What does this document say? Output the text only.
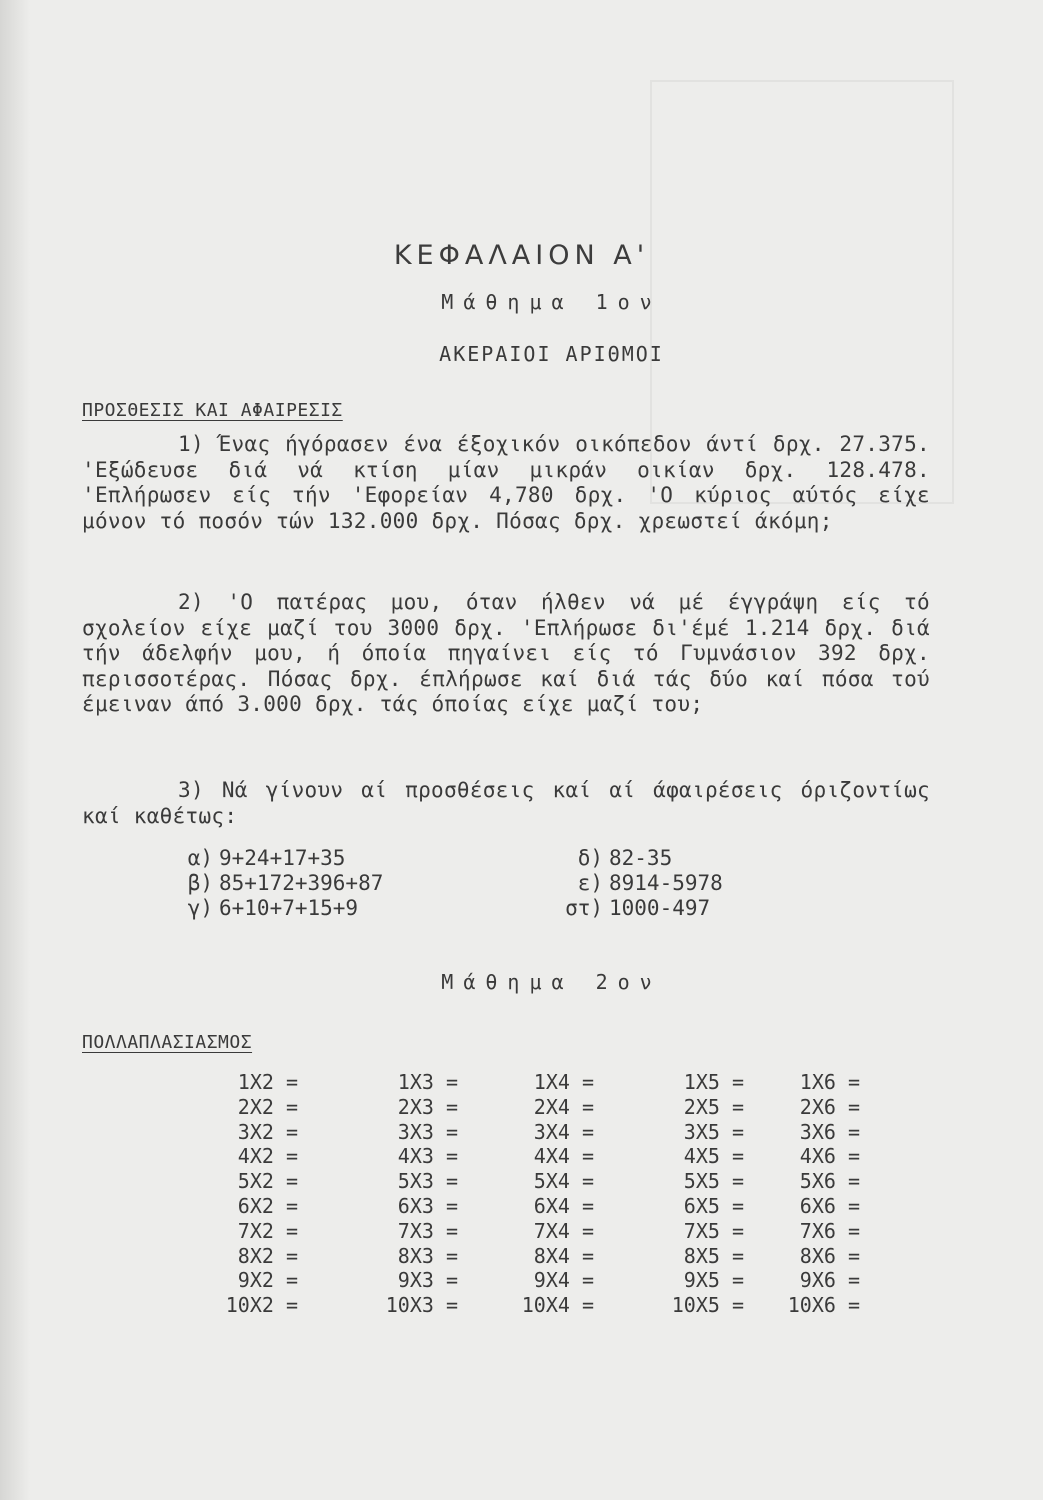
ΚΕΦΑΛΑΙΟΝ Α'
Μάθημα 1ον
ΑΚΕΡΑΙΟΙ ΑΡΙΘΜΟΙ
ΠΡΟΣΘΕΣΙΣ ΚΑΙ ΑΦΑΙΡΕΣΙΣ
1) Ένας ήγόρασεν ένα έξοχικόν οικόπεδον άντί δρχ. 27.375. 'Εξώδευσε διά νά κτίση μίαν μικράν οικίαν δρχ. 128.478. 'Επλήρωσεν είς τήν 'Εφορείαν 4,780 δρχ. 'Ο κύριος αύτός είχε μόνον τό ποσόν τών 132.000 δρχ. Πόσας δρχ. χρεωστεί άκόμη;
2) 'Ο πατέρας μου, όταν ήλθεν νά μέ έγγράψη είς τό σχολείον είχε μαζί του 3000 δρχ. 'Επλήρωσε δι'έμέ 1.214 δρχ. διά τήν άδελφήν μου, ή όποία πηγαίνει είς τό Γυμνάσιον 392 δρχ. περισσοτέρας. Πόσας δρχ. έπλήρωσε καί διά τάς δύο καί πόσα τού έμειναν άπό 3.000 δρχ. τάς όποίας είχε μαζί του;
3) Νά γίνουν αί προσθέσεις καί αί άφαιρέσεις όριζοντίως καί καθέτως:
α) 9+24+17+35
β) 85+172+396+87
γ) 6+10+7+15+9
δ) 82-35
ε) 8914-5978
στ) 1000-497
Μάθημα 2ον
ΠΟΛΛΑΠΛΑΣΙΑΣΜΟΣ
1X2 =
2X2 =
3X2 =
4X2 =
5X2 =
6X2 =
7X2 =
8X2 =
9X2 =
10X2 =
1X3 =
2X3 =
3X3 =
4X3 =
5X3 =
6X3 =
7X3 =
8X3 =
9X3 =
10X3 =
1X4 =
2X4 =
3X4 =
4X4 =
5X4 =
6X4 =
7X4 =
8X4 =
9X4 =
10X4 =
1X5 =
2X5 =
3X5 =
4X5 =
5X5 =
6X5 =
7X5 =
8X5 =
9X5 =
10X5 =
1X6 =
2X6 =
3X6 =
4X6 =
5X6 =
6X6 =
7X6 =
8X6 =
9X6 =
10X6 =
